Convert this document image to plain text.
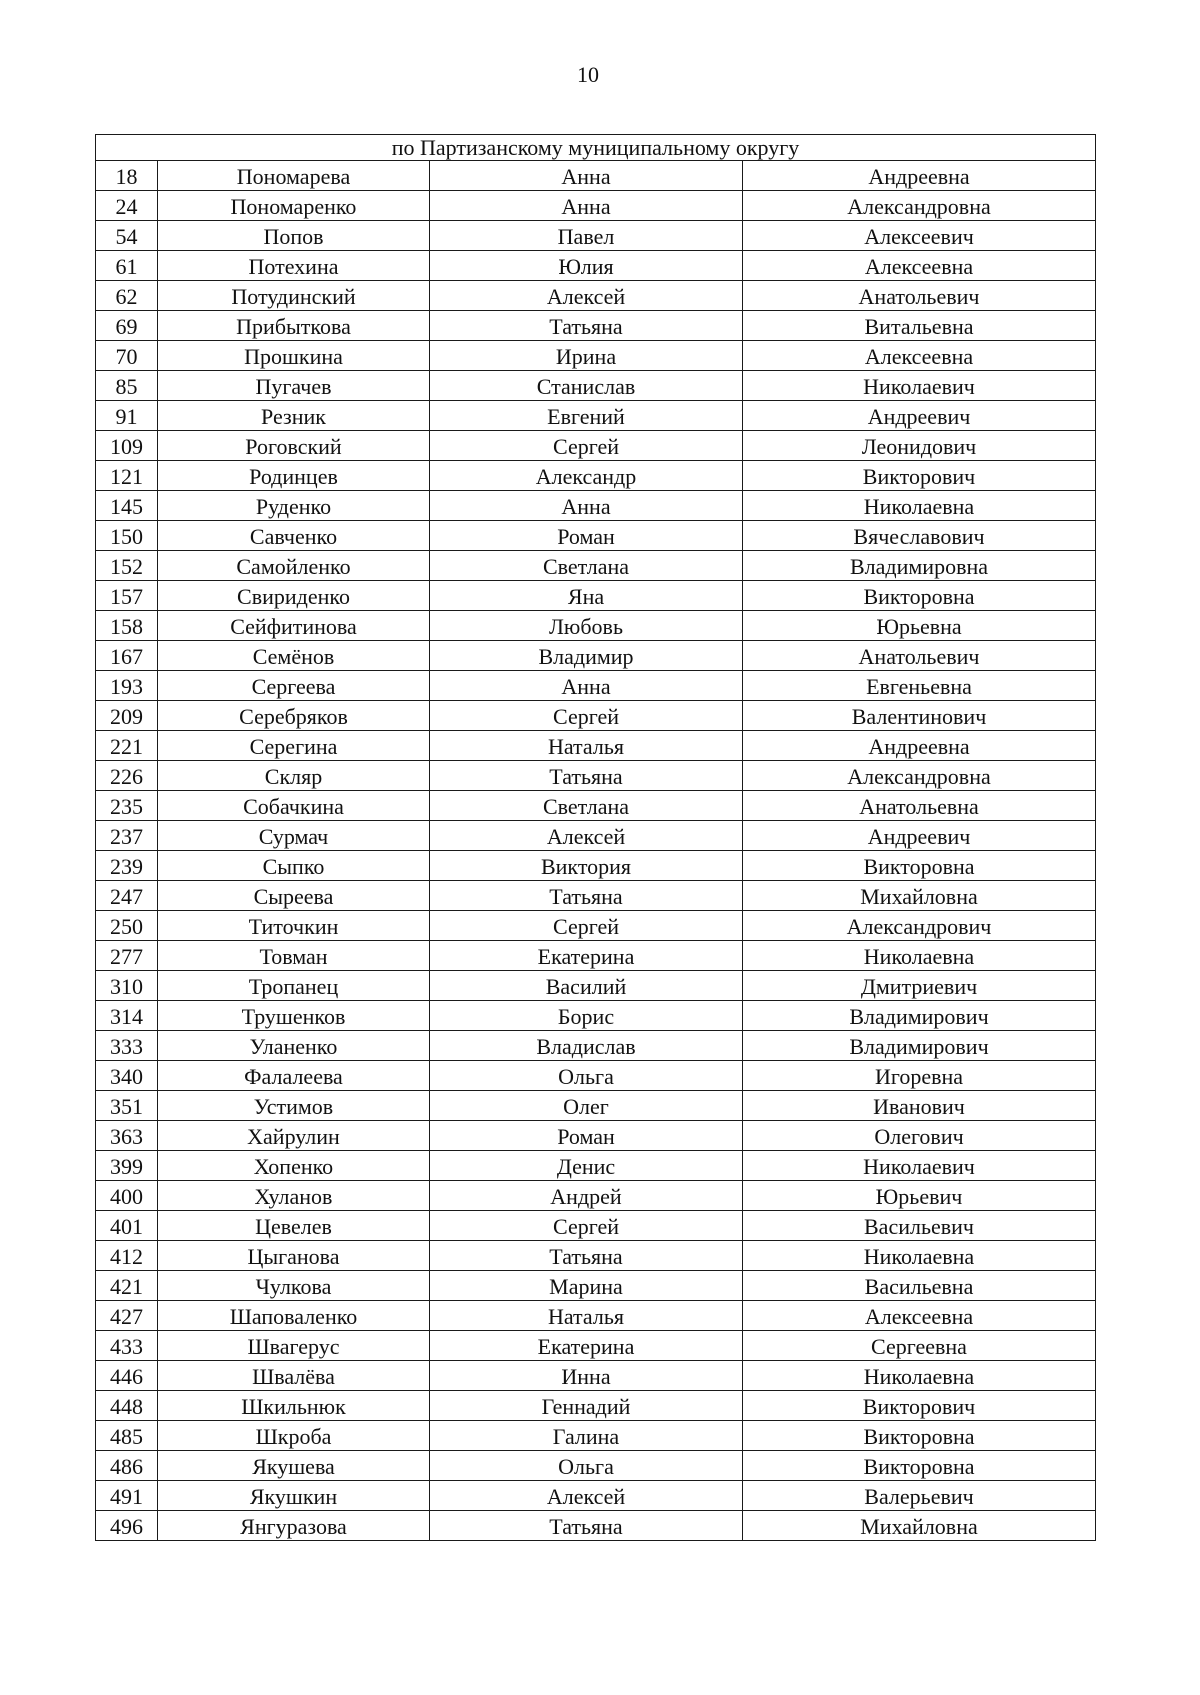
10
по Партизанскому муниципальному округу			
18	Пономарева	Анна	Андреевна
24	Пономаренко	Анна	Александровна
54	Попов	Павел	Алексеевич
61	Потехина	Юлия	Алексеевна
62	Потудинский	Алексей	Анатольевич
69	Прибыткова	Татьяна	Витальевна
70	Прошкина	Ирина	Алексеевна
85	Пугачев	Станислав	Николаевич
91	Резник	Евгений	Андреевич
109	Роговский	Сергей	Леонидович
121	Родинцев	Александр	Викторович
145	Руденко	Анна	Николаевна
150	Савченко	Роман	Вячеславович
152	Самойленко	Светлана	Владимировна
157	Свириденко	Яна	Викторовна
158	Сейфитинова	Любовь	Юрьевна
167	Семёнов	Владимир	Анатольевич
193	Сергеева	Анна	Евгеньевна
209	Серебряков	Сергей	Валентинович
221	Серегина	Наталья	Андреевна
226	Скляр	Татьяна	Александровна
235	Собачкина	Светлана	Анатольевна
237	Сурмач	Алексей	Андреевич
239	Сыпко	Виктория	Викторовна
247	Сыреева	Татьяна	Михайловна
250	Титочкин	Сергей	Александрович
277	Товман	Екатерина	Николаевна
310	Тропанец	Василий	Дмитриевич
314	Трушенков	Борис	Владимирович
333	Уланенко	Владислав	Владимирович
340	Фалалеева	Ольга	Игоревна
351	Устимов	Олег	Иванович
363	Хайрулин	Роман	Олегович
399	Хопенко	Денис	Николаевич
400	Хуланов	Андрей	Юрьевич
401	Цевелев	Сергей	Васильевич
412	Цыганова	Татьяна	Николаевна
421	Чулкова	Марина	Васильевна
427	Шаповаленко	Наталья	Алексеевна
433	Швагерус	Екатерина	Сергеевна
446	Швалёва	Инна	Николаевна
448	Шкильнюк	Геннадий	Викторович
485	Шкроба	Галина	Викторовна
486	Якушева	Ольга	Викторовна
491	Якушкин	Алексей	Валерьевич
496	Янгуразова	Татьяна	Михайловна
